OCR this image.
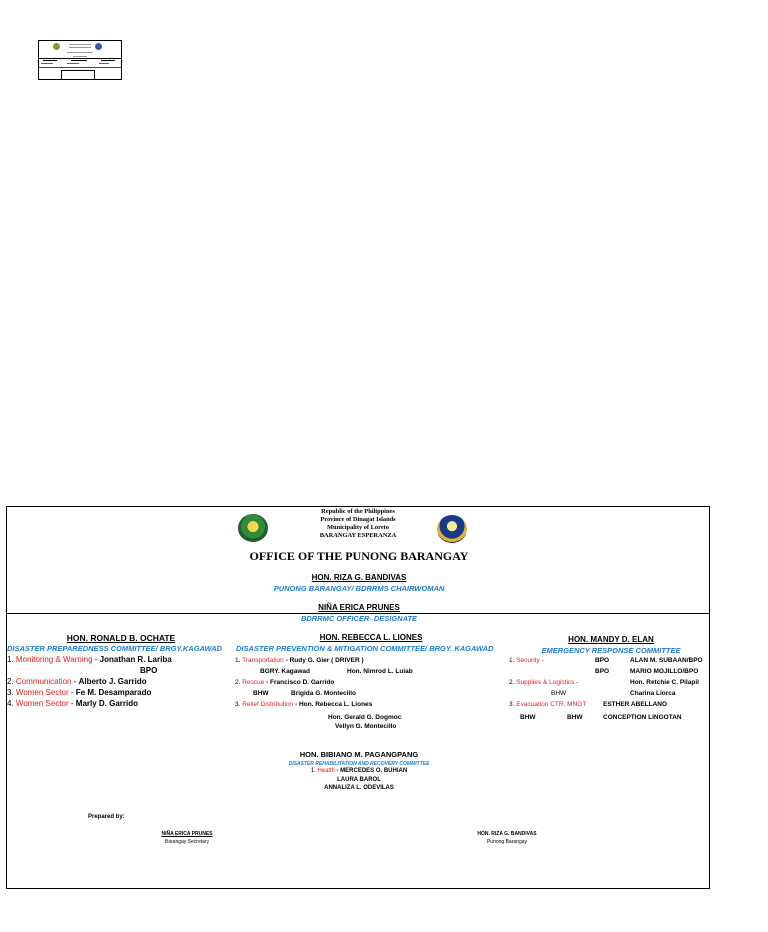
Republic of the Philippines
Province of Dinagat Islands
Municipality of Loreto
BARANGAY ESPERANZA
OFFICE OF THE PUNONG BARANGAY
HON. RIZA G. BANDIVAS
PUNONG BARANGAY/ BDRRMS CHAIRWOMAN
NIÑA ERICA PRUNES
BDRRMC OFFICER- DESIGNATE
HON. RONALD B. OCHATE
DISASTER PREPAREDNESS COMMITTEE/ BRGY.KAGAWAD
1. Monitoring & Warning - Jonathan R. Lariba
BPO
2. Communication - Alberto J. Garrido
3. Women Sector - Fe M. Desamparado
4. Women Sector - Marly D. Garrido
HON. REBECCA L. LIONES
DISASTER PREVENTION & MITIGATION COMMITTEE/ BRGY. KAGAWAD
1. Transportation - Rudy G. Gier ( DRIVER )
BGRY. Kagawad	Hon. Nimrod L. Luiab
2. Rescue - Francisco D. Garrido
BHW	Brigida G. Montecillo
3. Relief Distribution - Hon. Rebecca L. Liones
Hon. Gerald G. Dogmoc
Vellyn G. Montecillo
HON. MANDY D. ELAN
EMERGENCY RESPONSE COMMITTEE
1. Security -	BPO	ALAN M. SUBAAN/BPO
BPO	MARIO MOJILLO/BPO
2. Supplies & Logistics -	Hon. Retchie C. Pilapil
BHW	Charina Liorca
3. Evacuation CTR. MNGT	ESTHER ABELLANO
BHW	BHW	CONCEPTION LINGOTAN
HON. BIBIANO M. PAGANGPANG
DISASTER REHABILITATION AND RECOVERY COMMITTEE
1. Health - MERCEDES O. BUHIAN
LAURA BAROL
ANNALIZA L. ODEVILAS
Prepared by:
NIÑA ERICA PRUNES
Barangay Secretary
HON. RIZA G. BANDIVAS
Punong Barangay
